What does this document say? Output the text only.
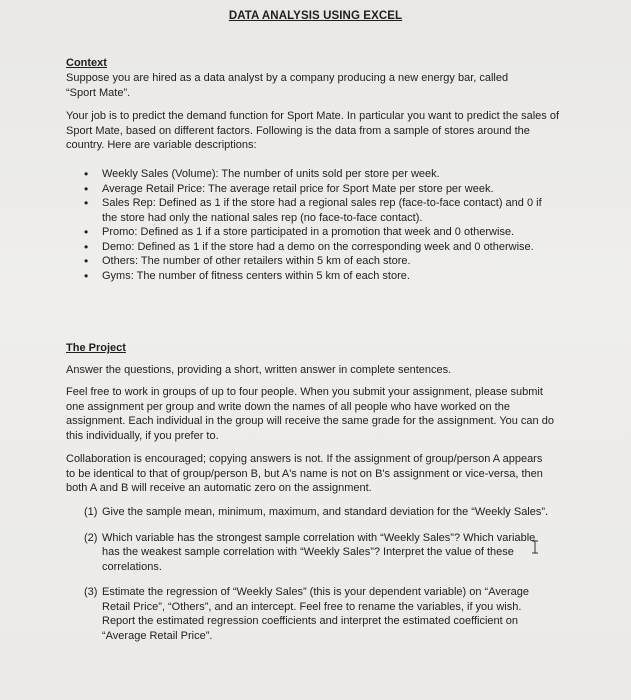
DATA ANALYSIS USING EXCEL
Context
Suppose you are hired as a data analyst by a company producing a new energy bar, called “Sport Mate”.
Your job is to predict the demand function for Sport Mate. In particular you want to predict the sales of Sport Mate, based on different factors. Following is the data from a sample of stores around the country. Here are variable descriptions:
• Weekly Sales (Volume): The number of units sold per store per week.
• Average Retail Price: The average retail price for Sport Mate per store per week.
• Sales Rep: Defined as 1 if the store had a regional sales rep (face-to-face contact) and 0 if the store had only the national sales rep (no face-to-face contact).
• Promo: Defined as 1 if a store participated in a promotion that week and 0 otherwise.
• Demo: Defined as 1 if the store had a demo on the corresponding week and 0 otherwise.
• Others: The number of other retailers within 5 km of each store.
• Gyms: The number of fitness centers within 5 km of each store.
The Project
Answer the questions, providing a short, written answer in complete sentences.
Feel free to work in groups of up to four people. When you submit your assignment, please submit one assignment per group and write down the names of all people who have worked on the assignment. Each individual in the group will receive the same grade for the assignment. You can do this individually, if you prefer to.
Collaboration is encouraged; copying answers is not. If the assignment of group/person A appears to be identical to that of group/person B, but A's name is not on B's assignment or vice-versa, then both A and B will receive an automatic zero on the assignment.
(1) Give the sample mean, minimum, maximum, and standard deviation for the “Weekly Sales”.
(2) Which variable has the strongest sample correlation with “Weekly Sales”? Which variable has the weakest sample correlation with “Weekly Sales”? Interpret the value of these correlations.
(3) Estimate the regression of “Weekly Sales” (this is your dependent variable) on “Average Retail Price”, “Others”, and an intercept. Feel free to rename the variables, if you wish. Report the estimated regression coefficients and interpret the estimated coefficient on “Average Retail Price”.
